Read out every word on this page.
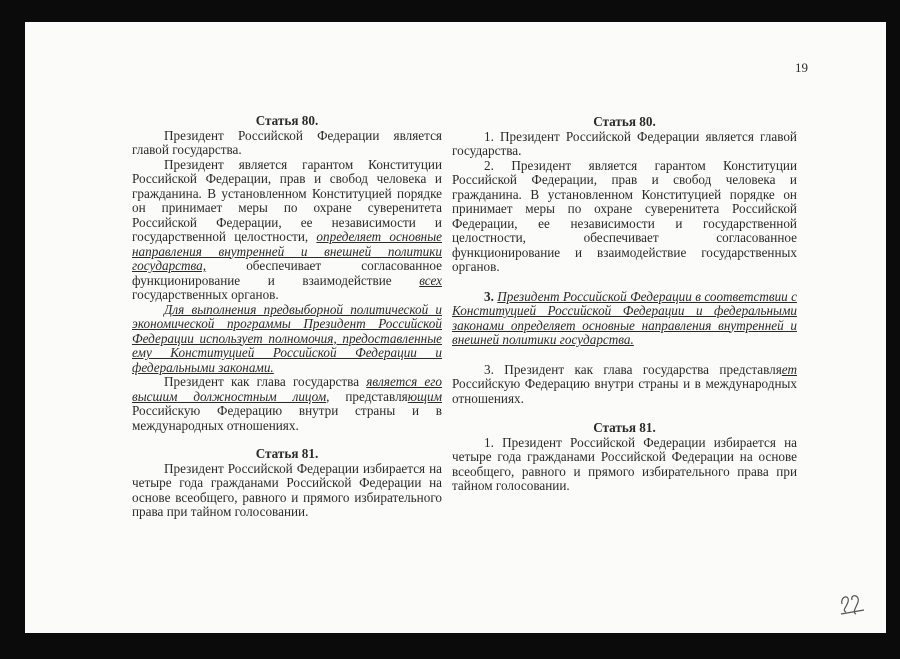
19
Статья 80.

Президент Российской Федерации является главой государства.

Президент является гарантом Конституции Российской Федерации, прав и свобод человека и гражданина. В установленном Конституцией порядке он принимает меры по охране суверенитета Российской Федерации, ее независимости и государственной целостности, определяет основные направления внутренней и внешней политики государства, обеспечивает согласованное функционирование и взаимодействие всех государственных органов.

Для выполнения предвыборной политической и экономической программы Президент Российской Федерации использует полномочия, предоставленные ему Конституцией Российской Федерации и федеральными законами.

Президент как глава государства является его высшим должностным лицом, представляющим Российскую Федерацию внутри страны и в международных отношениях.

Статья 81.

Президент Российской Федерации избирается на четыре года гражданами Российской Федерации на основе всеобщего, равного и прямого избирательного права при тайном голосовании.

Статья 80.

1. Президент Российской Федерации является главой государства.

2. Президент является гарантом Конституции Российской Федерации, прав и свобод человека и гражданина. В установленном Конституцией порядке он принимает меры по охране суверенитета Российской Федерации, ее независимости и государственной целостности, обеспечивает согласованное функционирование и взаимодействие государственных органов.

3. Президент Российской Федерации в соответствии с Конституцией Российской Федерации и федеральными законами определяет основные направления внутренней и внешней политики государства.

3. Президент как глава государства представляет Российскую Федерацию внутри страны и в международных отношениях.

Статья 81.

1. Президент Российской Федерации избирается на четыре года гражданами Российской Федерации на основе всеобщего, равного и прямого избирательного права при тайном голосовании.
